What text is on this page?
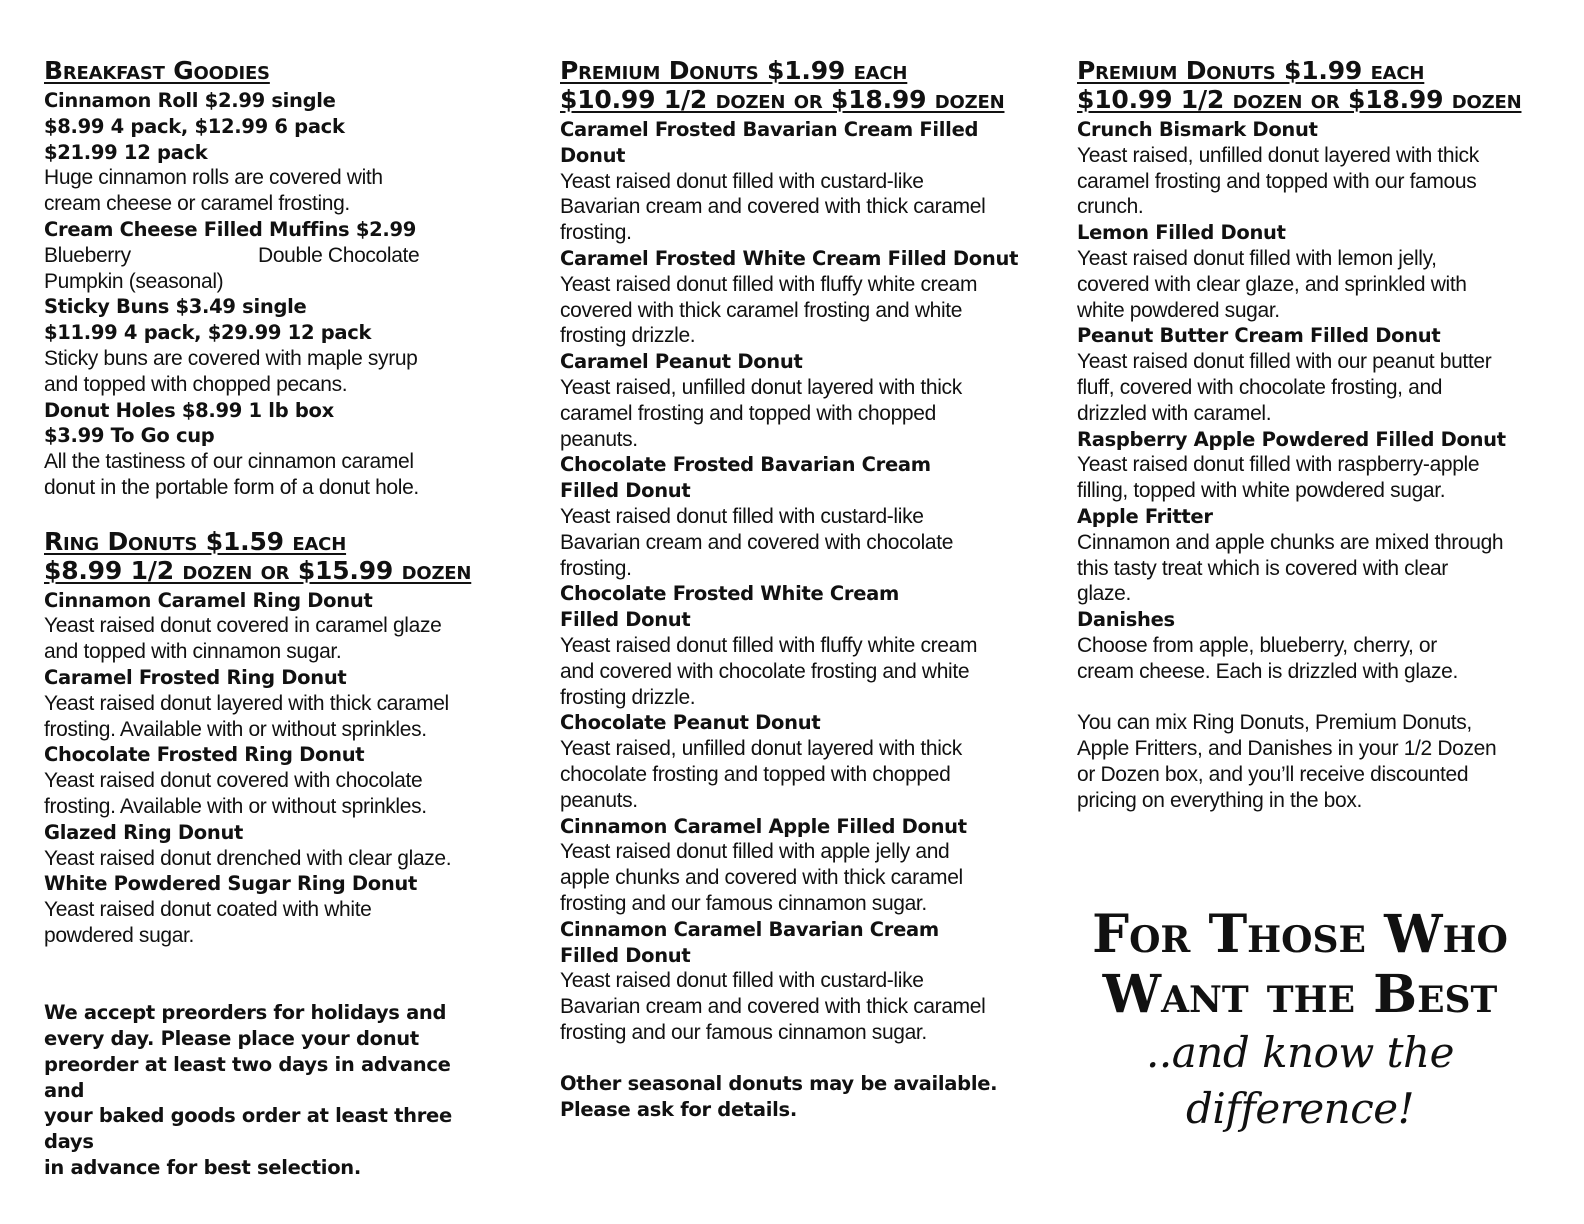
Breakfast Goodies
Cinnamon Roll $2.99 single
$8.99 4 pack, $12.99 6 pack
$21.99 12 pack
Huge cinnamon rolls are covered with
cream cheese or caramel frosting.
Cream Cheese Filled Muffins $2.99
Blueberry	Double Chocolate
Pumpkin (seasonal)
Sticky Buns $3.49 single
$11.99 4 pack, $29.99 12 pack
Sticky buns are covered with maple syrup
and topped with chopped pecans.
Donut Holes $8.99 1 lb box
$3.99 To Go cup
All the tastiness of our cinnamon caramel
donut in the portable form of a donut hole.
Ring Donuts $1.59 each
$8.99 1/2 dozen or $15.99 dozen
Cinnamon Caramel Ring Donut
Yeast raised donut covered in caramel glaze
and topped with cinnamon sugar.
Caramel Frosted Ring Donut
Yeast raised donut layered with thick caramel
frosting. Available with or without sprinkles.
Chocolate Frosted Ring Donut
Yeast raised donut covered with chocolate
frosting. Available with or without sprinkles.
Glazed Ring Donut
Yeast raised donut drenched with clear glaze.
White Powdered Sugar Ring Donut
Yeast raised donut coated with white
powdered sugar.
We accept preorders for holidays and
every day. Please place your donut
preorder at least two days in advance and
your baked goods order at least three days
in advance for best selection.
Premium Donuts $1.99 each
$10.99 1/2 dozen or $18.99 dozen
Caramel Frosted Bavarian Cream Filled
Donut
Yeast raised donut filled with custard-like
Bavarian cream and covered with thick caramel
frosting.
Caramel Frosted White Cream Filled Donut
Yeast raised donut filled with fluffy white cream
covered with thick caramel frosting and white
frosting drizzle.
Caramel Peanut Donut
Yeast raised, unfilled donut layered with thick
caramel frosting and topped with chopped
peanuts.
Chocolate Frosted Bavarian Cream
Filled Donut
Yeast raised donut filled with custard-like
Bavarian cream and covered with chocolate
frosting.
Chocolate Frosted White Cream
Filled Donut
Yeast raised donut filled with fluffy white cream
and covered with chocolate frosting and white
frosting drizzle.
Chocolate Peanut Donut
Yeast raised, unfilled donut layered with thick
chocolate frosting and topped with chopped
peanuts.
Cinnamon Caramel Apple Filled Donut
Yeast raised donut filled with apple jelly and
apple chunks and covered with thick caramel
frosting and our famous cinnamon sugar.
Cinnamon Caramel Bavarian Cream
Filled Donut
Yeast raised donut filled with custard-like
Bavarian cream and covered with thick caramel
frosting and our famous cinnamon sugar.
Other seasonal donuts may be available.
Please ask for details.
Premium Donuts $1.99 each
$10.99 1/2 dozen or $18.99 dozen
Crunch Bismark Donut
Yeast raised, unfilled donut layered with thick
caramel frosting and topped with our famous
crunch.
Lemon Filled Donut
Yeast raised donut filled with lemon jelly,
covered with clear glaze, and sprinkled with
white powdered sugar.
Peanut Butter Cream Filled Donut
Yeast raised donut filled with our peanut butter
fluff, covered with chocolate frosting, and
drizzled with caramel.
Raspberry Apple Powdered Filled Donut
Yeast raised donut filled with raspberry-apple
filling, topped with white powdered sugar.
Apple Fritter
Cinnamon and apple chunks are mixed through
this tasty treat which is covered with clear
glaze.
Danishes
Choose from apple, blueberry, cherry, or
cream cheese. Each is drizzled with glaze.
You can mix Ring Donuts, Premium Donuts,
Apple Fritters, and Danishes in your 1/2 Dozen
or Dozen box, and you’ll receive discounted
pricing on everything in the box.
For Those Who
Want the Best
..and know the difference!
